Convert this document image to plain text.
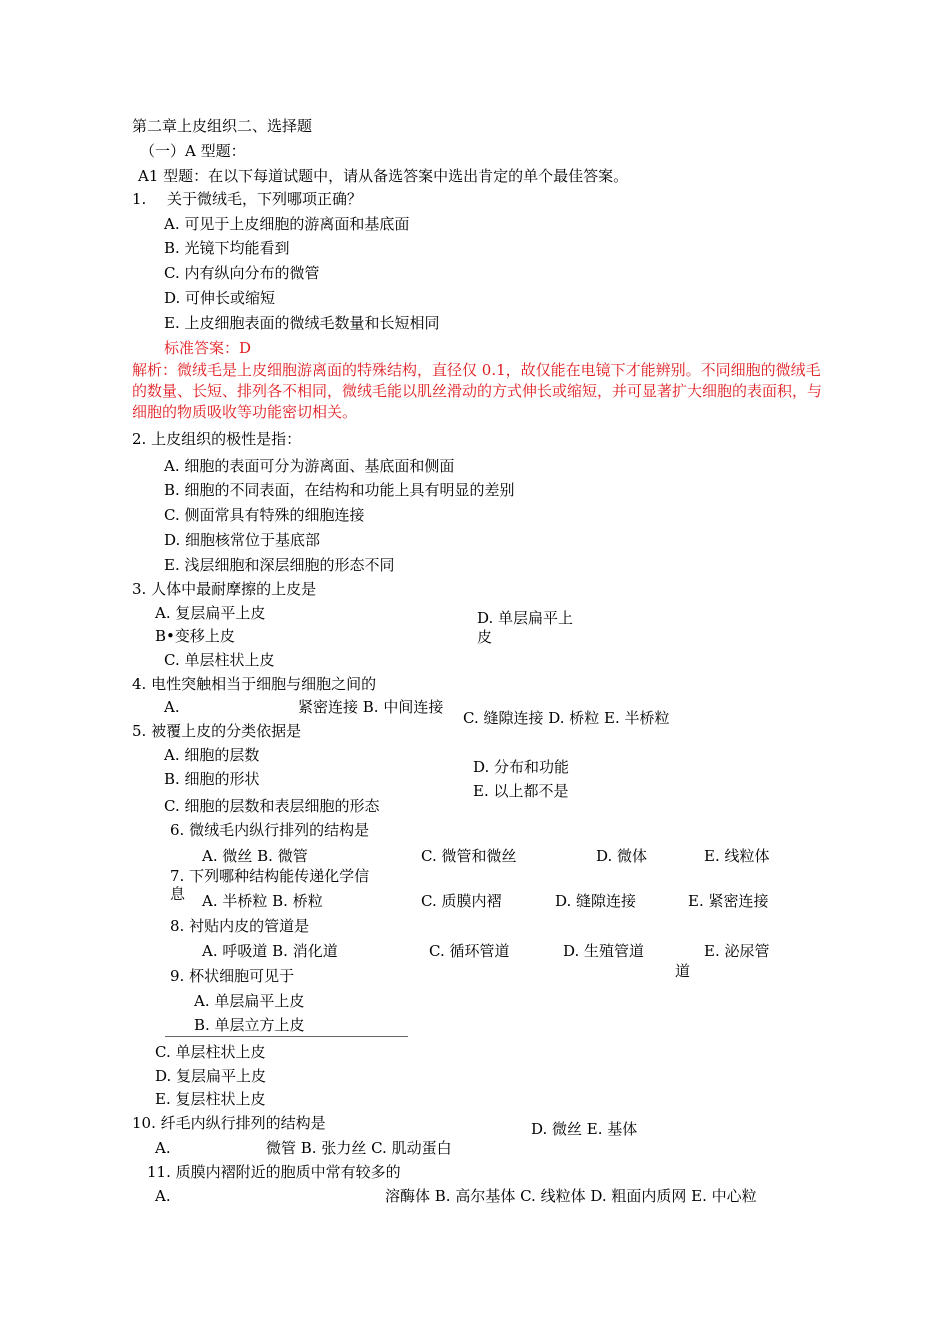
第二章上皮组织二、选择题
（一）A 型题：
A1 型题：在以下每道试题中，请从备选答案中选出肯定的单个最佳答案。
1. 关于微绒毛，下列哪项正确？
A. 可见于上皮细胞的游离面和基底面
B. 光镜下均能看到
C. 内有纵向分布的微管
D. 可伸长或缩短
E. 上皮细胞表面的微绒毛数量和长短相同
标准答案：D
解析：微绒毛是上皮细胞游离面的特殊结构，直径仅 0.1，故仅能在电镜下才能辨别。不同细胞的微绒毛的数量、长短、排列各不相同，微绒毛能以肌丝滑动的方式伸长或缩短，并可显著扩大细胞的表面积，与细胞的物质吸收等功能密切相关。
2. 上皮组织的极性是指：
A. 细胞的表面可分为游离面、基底面和侧面
B. 细胞的不同表面，在结构和功能上具有明显的差别
C. 侧面常具有特殊的细胞连接
D. 细胞核常位于基底部
E. 浅层细胞和深层细胞的形态不同
3. 人体中最耐摩擦的上皮是
A. 复层扁平上皮
B•变移上皮
C. 单层柱状上皮
D. 单层扁平上
皮
4. 电性突触相当于细胞与细胞之间的
A.	紧密连接 B. 中间连接
C. 缝隙连接 D. 桥粒 E. 半桥粒
5. 被覆上皮的分类依据是
A. 细胞的层数
B. 细胞的形状
C. 细胞的层数和表层细胞的形态
D. 分布和功能
E. 以上都不是
6. 微绒毛内纵行排列的结构是
A. 微丝 B. 微管	C. 微管和微丝	D. 微体	E. 线粒体
7. 下列哪种结构能传递化学信
息 A. 半桥粒 B. 桥粒	C. 质膜内褶	D. 缝隙连接	E. 紧密连接
8. 衬贴内皮的管道是
A. 呼吸道 B. 消化道	C. 循环管道	D. 生殖管道	E. 泌尿管
道
9. 杯状细胞可见于
A. 单层扁平上皮
B. 单层立方上皮
C. 单层柱状上皮
D. 复层扁平上皮
E. 复层柱状上皮
10. 纤毛内纵行排列的结构是	D. 微丝 E. 基体
A.	微管 B. 张力丝 C. 肌动蛋白
11. 质膜内褶附近的胞质中常有较多的
A.	溶酶体 B. 高尔基体 C. 线粒体 D. 粗面内质网 E. 中心粒
